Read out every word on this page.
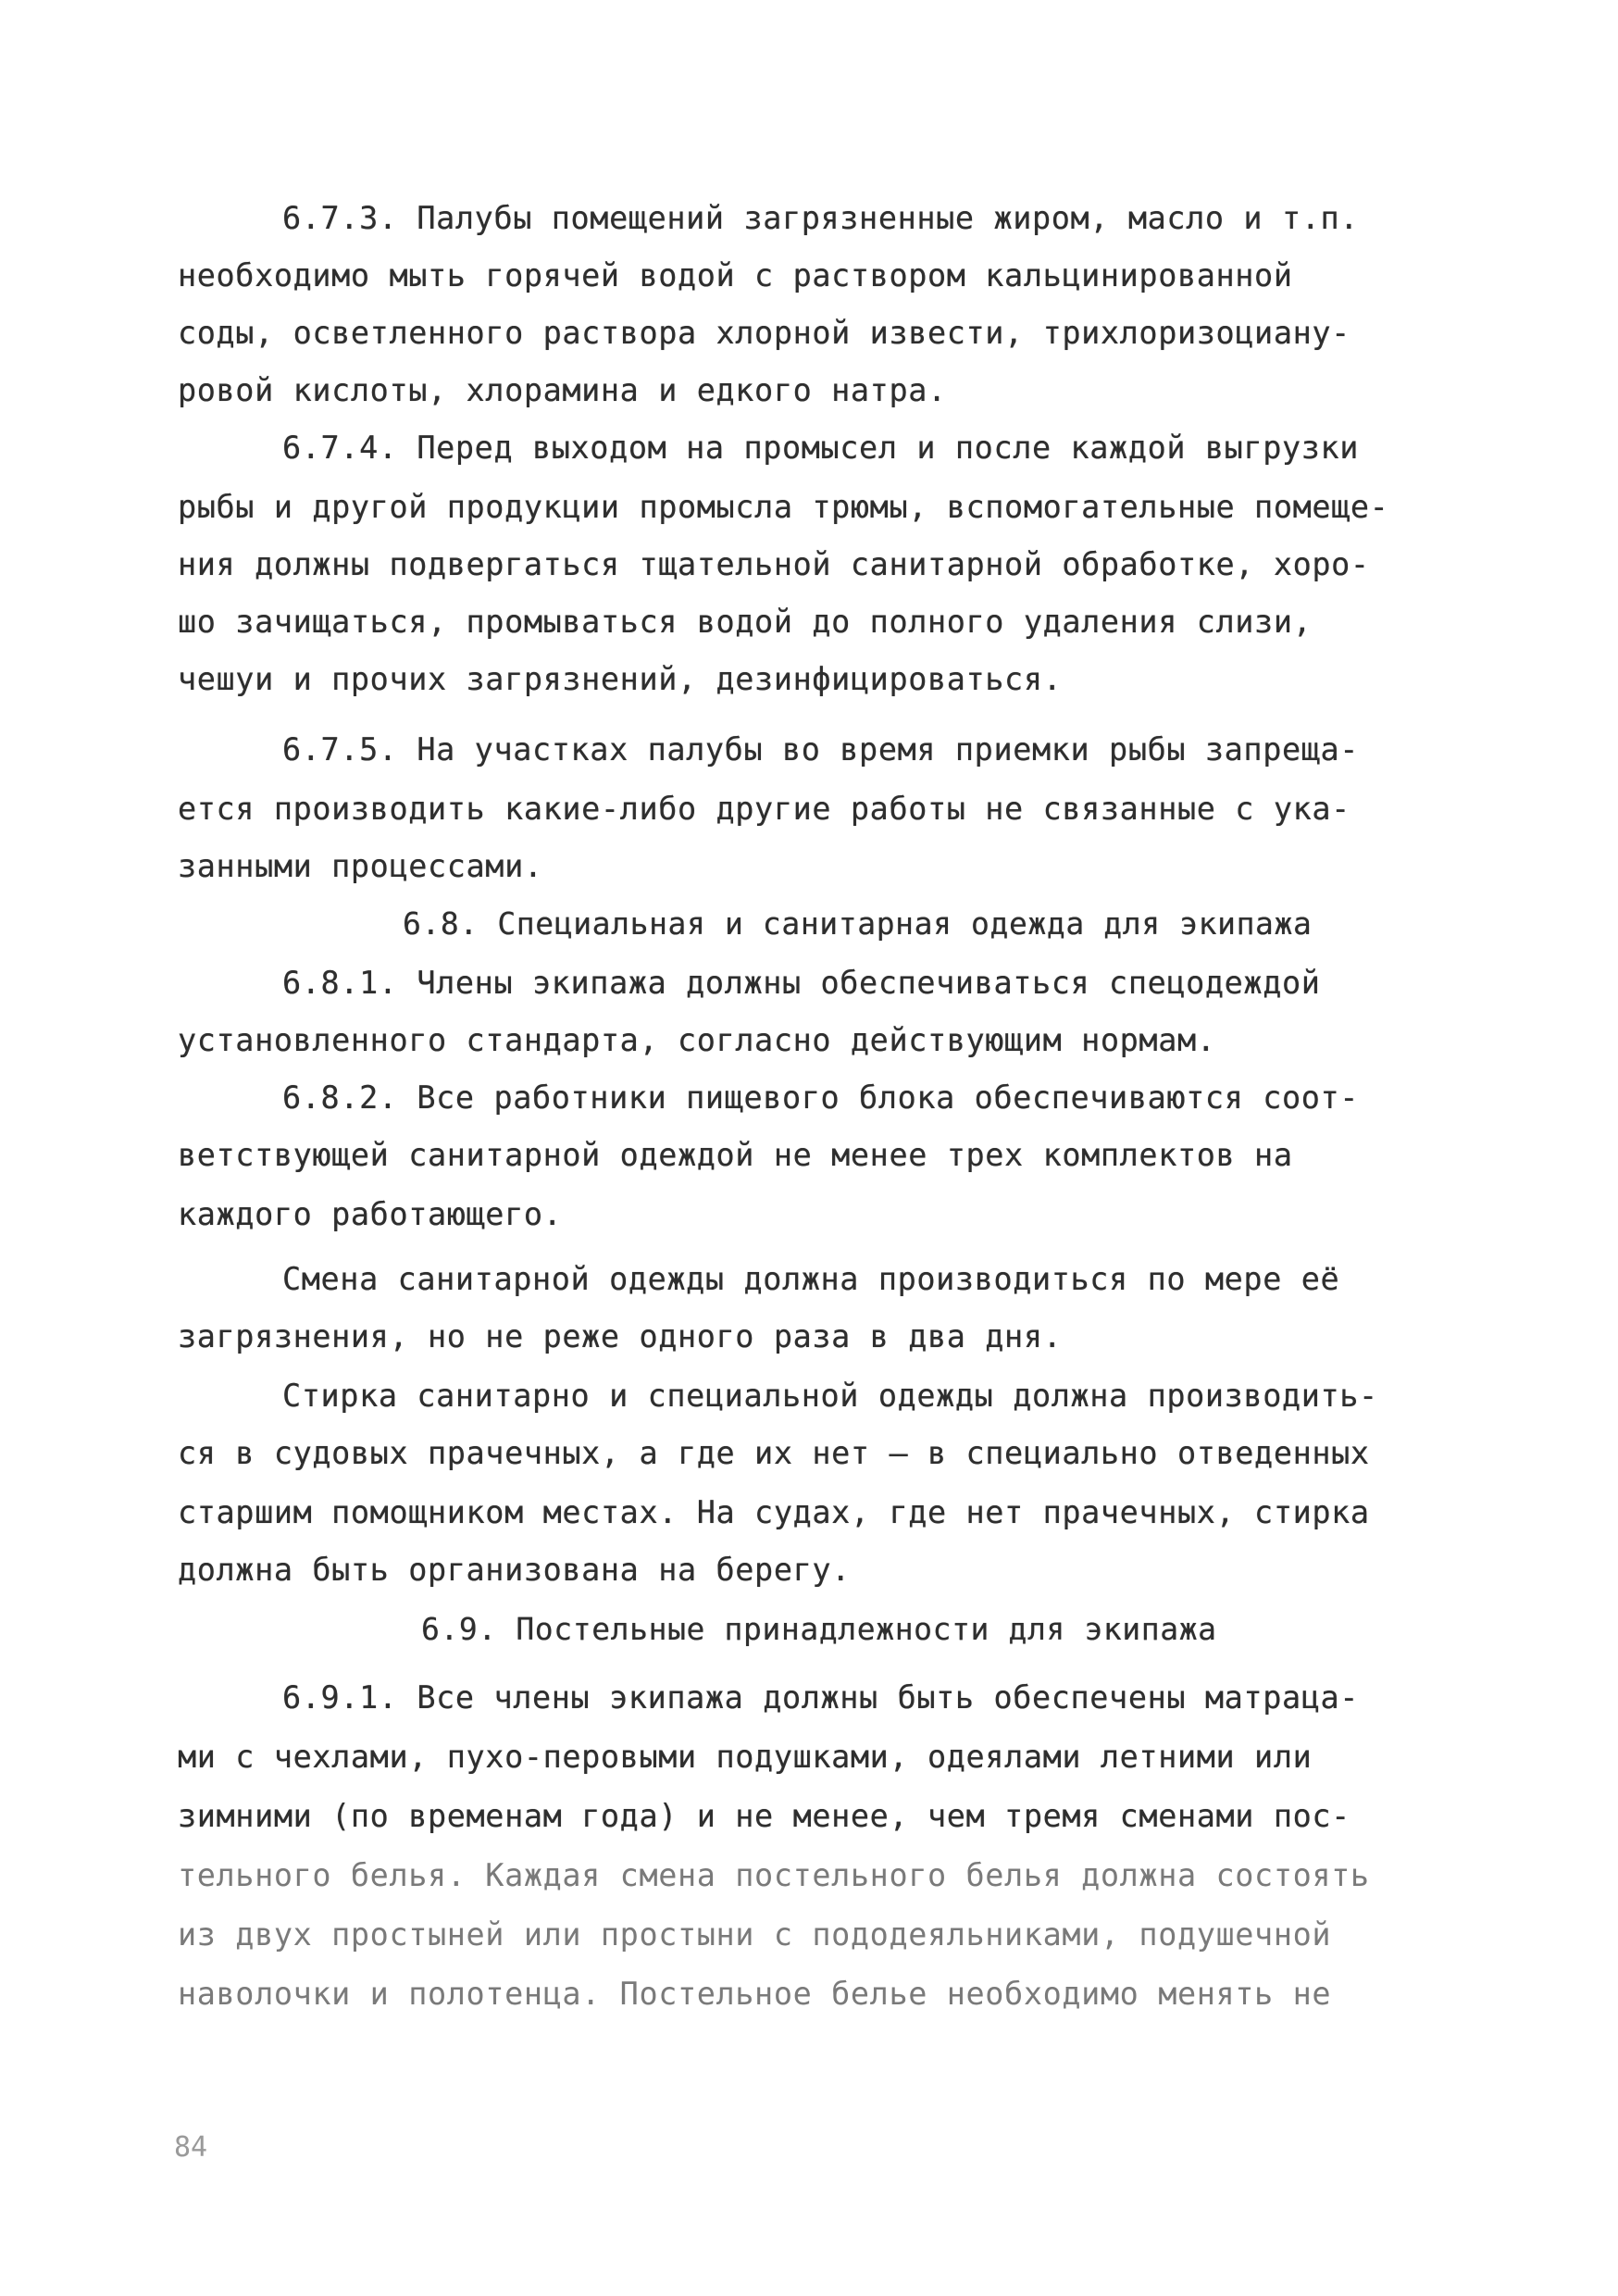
6.7.3. Палубы помещений загрязненные жиром, масло и т.п.
необходимо мыть горячей водой с раствором кальцинированной
соды, осветленного раствора хлорной извести, трихлоризоциану-
ровой кислоты, хлорамина и едкого натра.
6.7.4. Перед выходом на промысел и после каждой выгрузки
рыбы и другой продукции промысла трюмы, вспомогательные помеще-
ния должны подвергаться тщательной санитарной обработке, хоро-
шо зачищаться, промываться водой до полного удаления слизи,
чешуи и прочих загрязнений, дезинфицироваться.
6.7.5. На участках палубы во время приемки рыбы запреща-
ется производить какие-либо другие работы не связанные с ука-
занными процессами.
6.8. Специальная и санитарная одежда для экипажа
6.8.1. Члены экипажа должны обеспечиваться спецодеждой
установленного стандарта, согласно действующим нормам.
6.8.2. Все работники пищевого блока обеспечиваются соот-
ветствующей санитарной одеждой не менее трех комплектов на
каждого работающего.
Смена санитарной одежды должна производиться по мере её
загрязнения, но не реже одного раза в два дня.
Стирка санитарно и специальной одежды должна производить-
ся в судовых прачечных, а где их нет – в специально отведенных
старшим помощником местах. На судах, где нет прачечных, стирка
должна быть организована на берегу.
6.9. Постельные принадлежности для экипажа
6.9.1. Все члены экипажа должны быть обеспечены матраца-
ми с чехлами, пухо-перовыми подушками, одеялами летними или
зимними (по временам года) и не менее, чем тремя сменами пос-
тельного белья. Каждая смена постельного белья должна состоять
из двух простыней или простыни с пододеяльниками, подушечной
наволочки и полотенца. Постельное белье необходимо менять не
84
